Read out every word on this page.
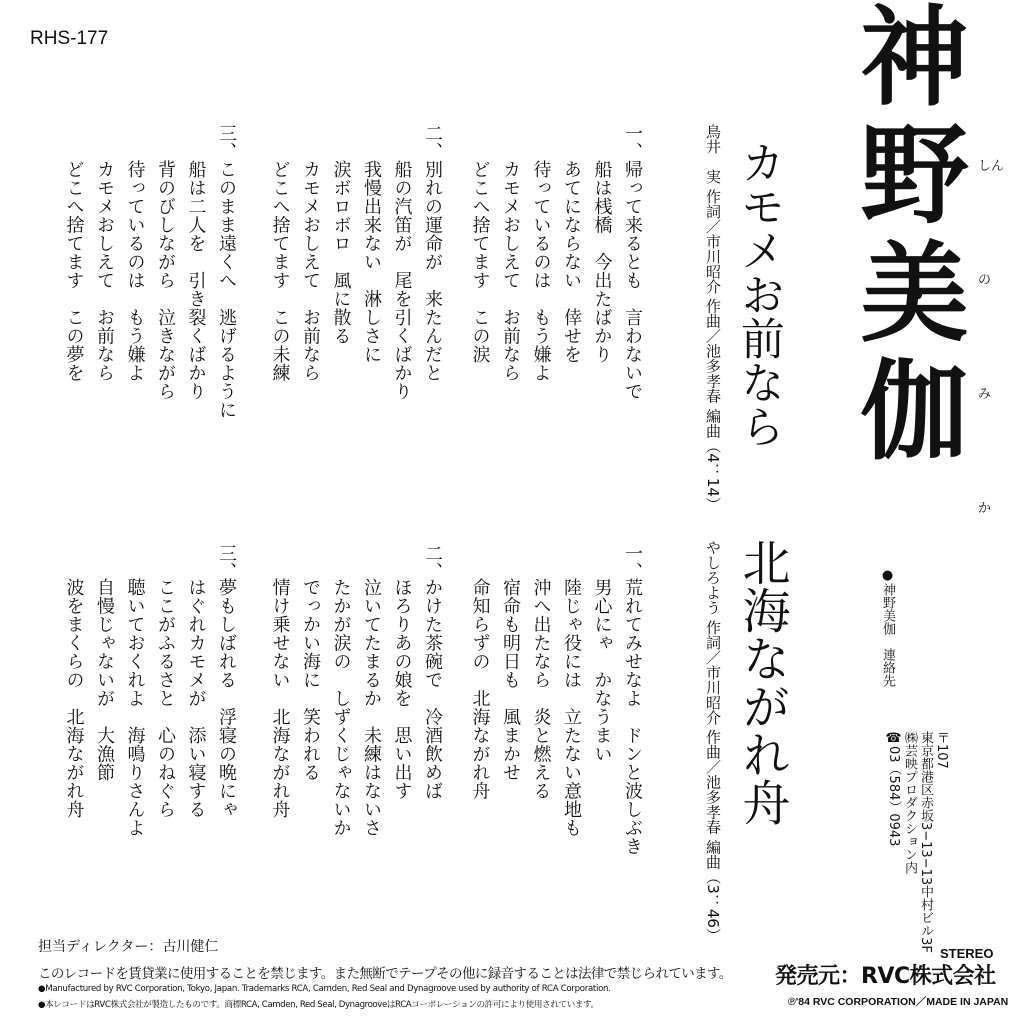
RHS-177	神野美伽 しん
の
み
か
カモメお前なら
鳥井　実 作詞／市川昭介 作曲／池多孝春 編曲（4：14）
北海ながれ舟
やしろよう 作詞／市川昭介 作曲／池多孝春 編曲（3：46）
一、
帰って来るとも　言わないで
船は桟橋　今出たばかり
あてにならない　倖せを
待っているのは　もう嫌よ
カモメおしえて　お前なら
どこへ捨てます　この涙
二、
別れの運命が　来たんだと
船の汽笛が　尾を引くばかり
我慢出来ない　淋しさに
涙ボロボロ　風に散る
カモメおしえて　お前なら
どこへ捨てます　この未練
三、
このまま遠くへ　逃げるように
船は二人を　引き裂くばかり
背のびしながら　泣きながら
待っているのは　もう嫌よ
カモメおしえて　お前なら
どこへ捨てます　この夢を
一、
荒れてみせなよ　ドンと波しぶき
男心にゃ　かなうまい
陸じゃ役には　立たない意地も
沖へ出たなら　炎と燃える
宿命も明日も　風まかせ
命知らずの　北海ながれ舟
二、
かけた茶碗で　冷酒飲めば
ほろりあの娘を　思い出す
泣いてたまるか　未練はないさ
たかが涙の　しずくじゃないか
でっかい海に　笑われる
情け乗せない　北海ながれ舟
三、
夢もしばれる　浮寝の晩にゃ
はぐれカモメが　添い寝する
ここがふるさと　心のねぐら
聴いておくれよ　海鳴りさんよ
自慢じゃないが　大漁節
波をまくらの　北海ながれ舟	●神野美伽　連絡先
〒107
東京都港区赤坂3−13−13中村ビル3F
㈱芸映プロダクション内
☎03（584）0943
担当ディレクター：古川健仁
このレコードを賃貸業に使用することを禁じます。また無断でテープその他に録音することは法律で禁じられています。
●Manufactured by RVC Corporation, Tokyo, Japan. Trademarks RCA, Camden, Red Seal and Dynagroove used by authority of RCA Corporation.
●本レコードはRVC株式会社が製造したものです。商標RCA, Camden, Red Seal, DynagrooveはRCAコーポレーションの許可により使用されています。
STEREO
発売元：RVC株式会社
℗'84 RVC CORPORATION／MADE IN JAPAN
